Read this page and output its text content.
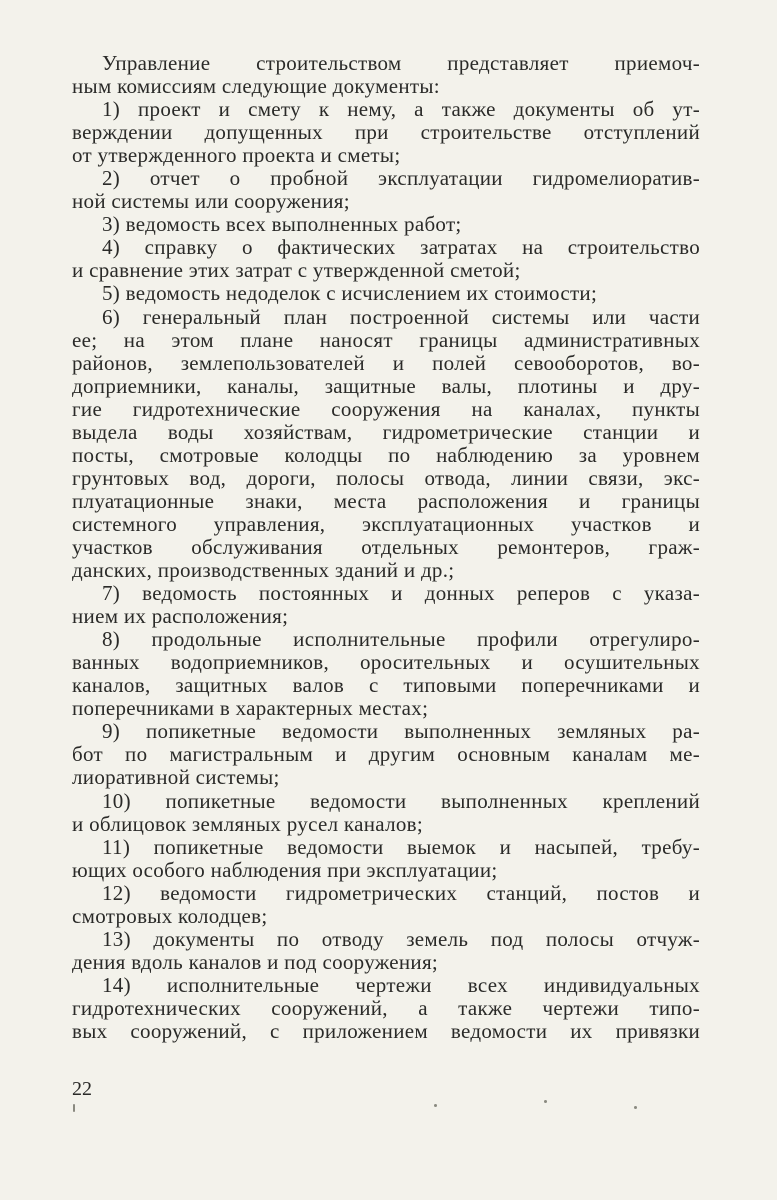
Управление строительством представляет приемоч-
ным комиссиям следующие документы:
1) проект и смету к нему, а также документы об ут-
верждении допущенных при строительстве отступлений
от утвержденного проекта и сметы;
2) отчет о пробной эксплуатации гидромелиоратив-
ной системы или сооружения;
3) ведомость всех выполненных работ;
4) справку о фактических затратах на строительство
и сравнение этих затрат с утвержденной сметой;
5) ведомость недоделок с исчислением их стоимости;
6) генеральный план построенной системы или части
ее; на этом плане наносят границы административных
районов, землепользователей и полей севооборотов, во-
доприемники, каналы, защитные валы, плотины и дру-
гие гидротехнические сооружения на каналах, пункты
выдела воды хозяйствам, гидрометрические станции и
посты, смотровые колодцы по наблюдению за уровнем
грунтовых вод, дороги, полосы отвода, линии связи, экс-
плуатационные знаки, места расположения и границы
системного управления, эксплуатационных участков и
участков обслуживания отдельных ремонтеров, граж-
данских, производственных зданий и др.;
7) ведомость постоянных и донных реперов с указа-
нием их расположения;
8) продольные исполнительные профили отрегулиро-
ванных водоприемников, оросительных и осушительных
каналов, защитных валов с типовыми поперечниками и
поперечниками в характерных местах;
9) попикетные ведомости выполненных земляных ра-
бот по магистральным и другим основным каналам ме-
лиоративной системы;
10) попикетные ведомости выполненных креплений
и облицовок земляных русел каналов;
11) попикетные ведомости выемок и насыпей, требу-
ющих особого наблюдения при эксплуатации;
12) ведомости гидрометрических станций, постов и
смотровых колодцев;
13) документы по отводу земель под полосы отчуж-
дения вдоль каналов и под сооружения;
14) исполнительные чертежи всех индивидуальных
гидротехнических сооружений, а также чертежи типо-
вых сооружений, с приложением ведомости их привязки
22
